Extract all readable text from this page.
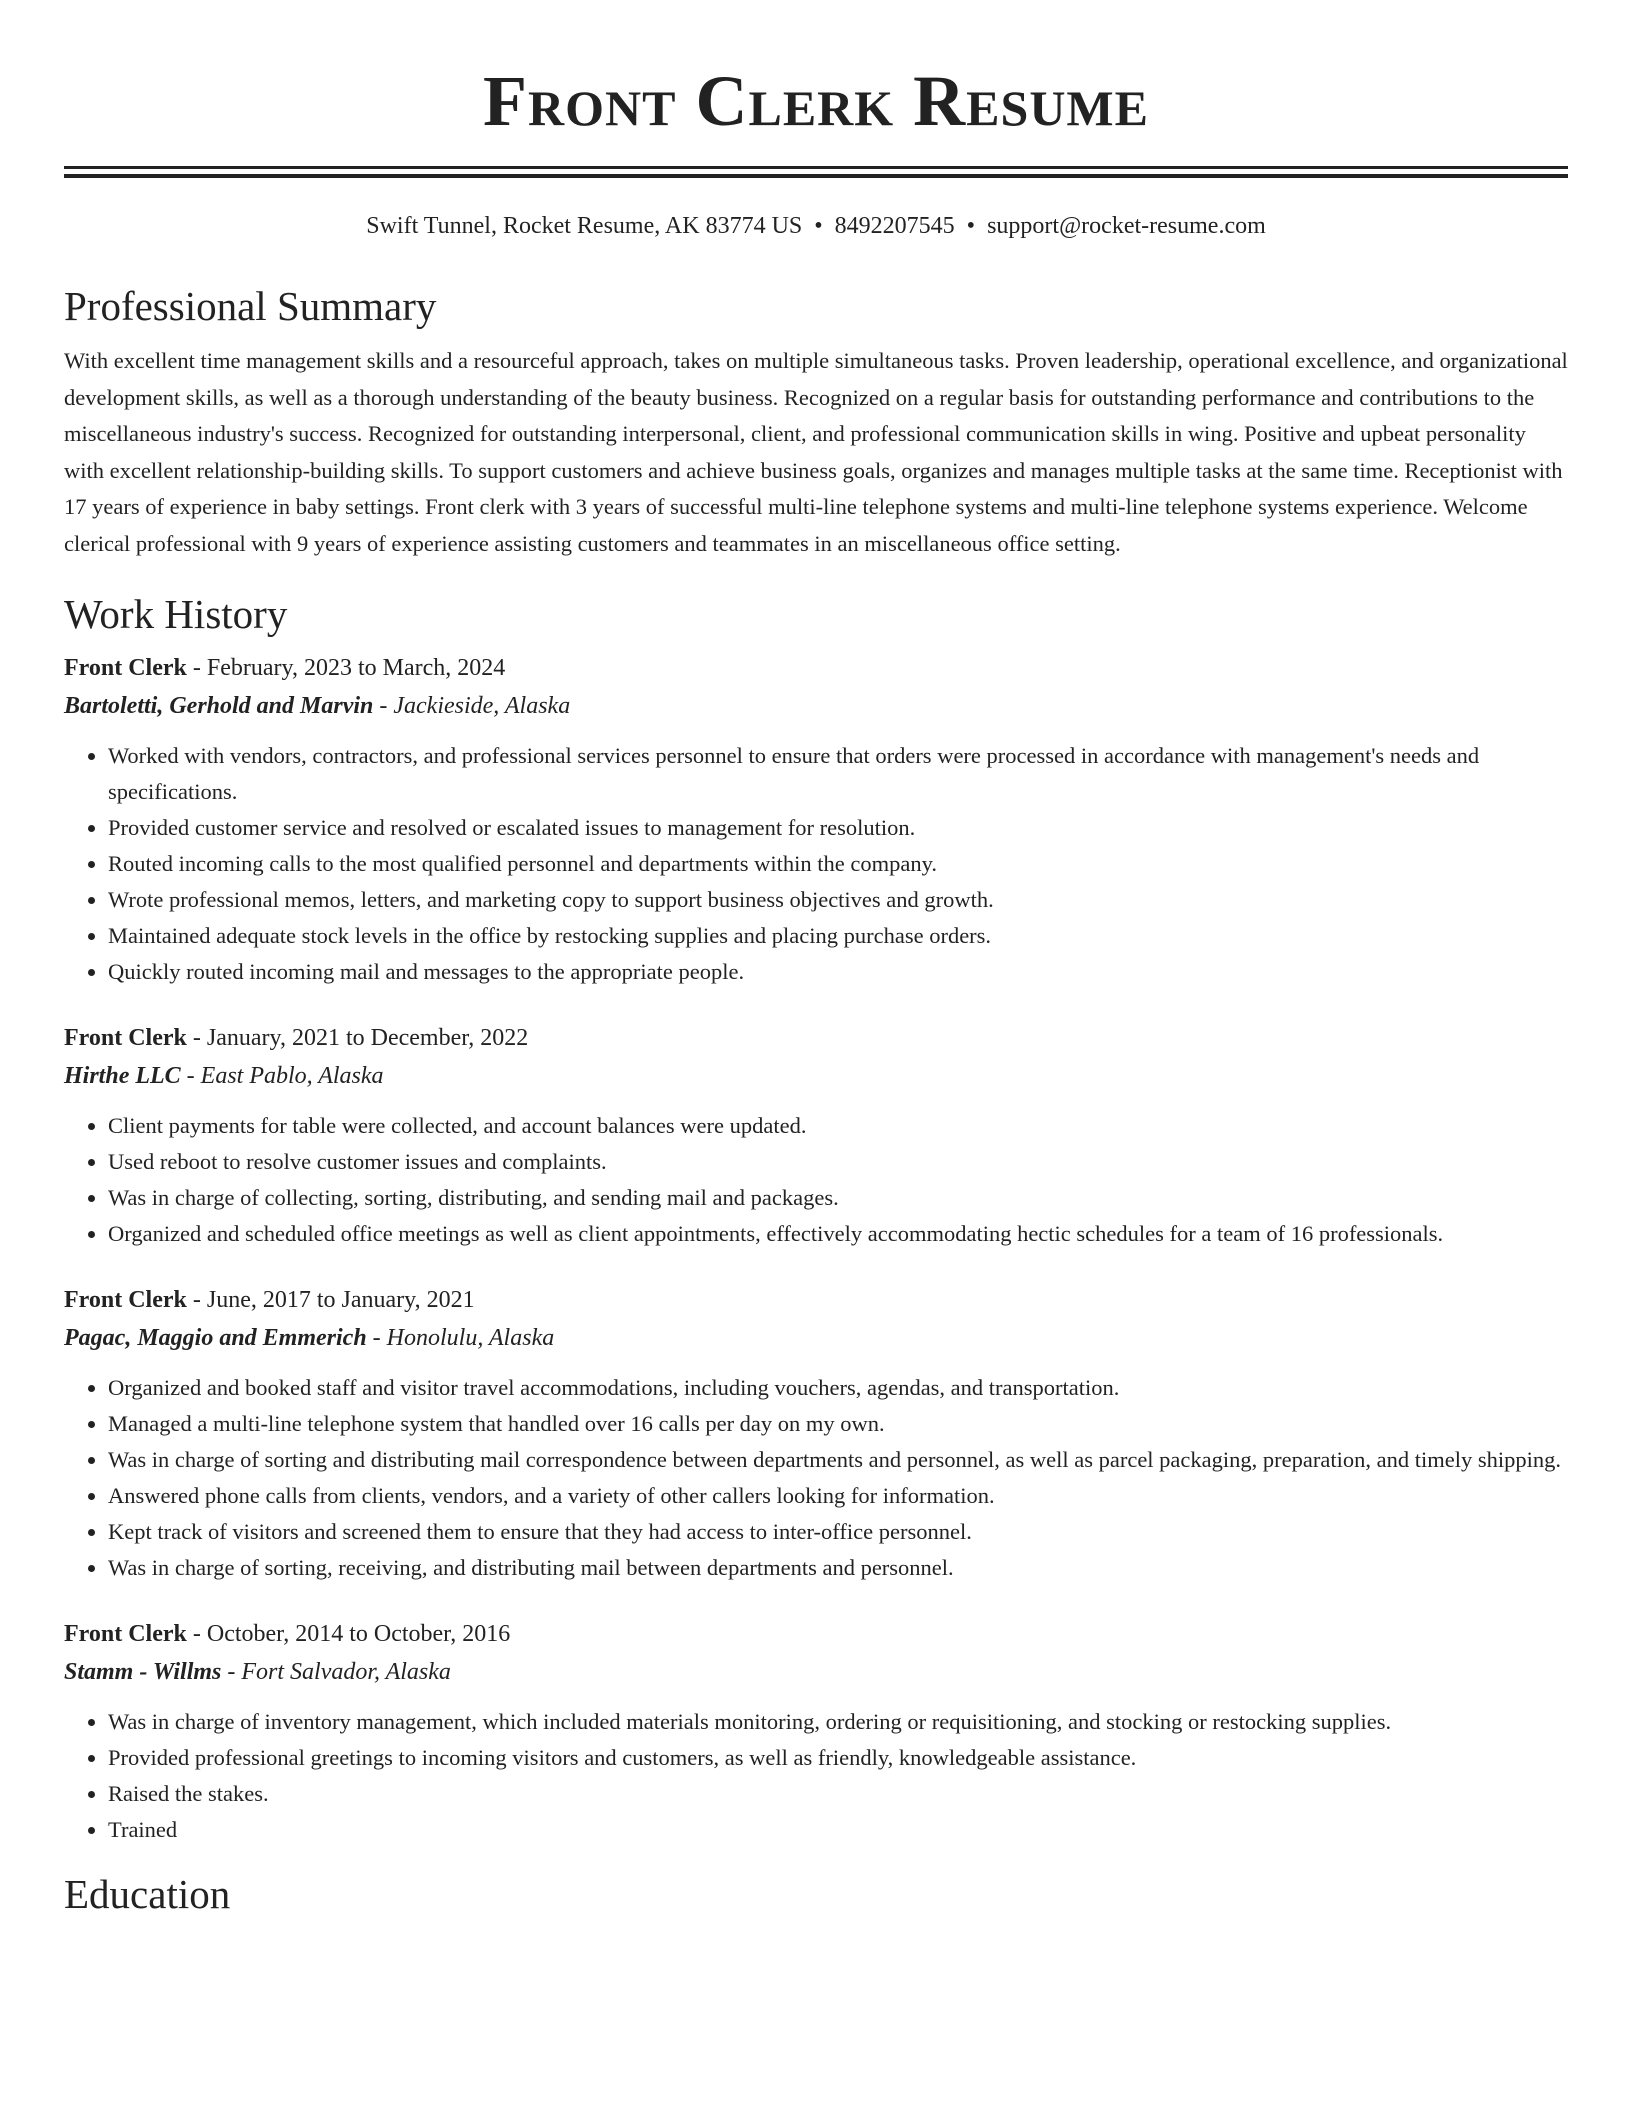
Front Clerk Resume
Swift Tunnel, Rocket Resume, AK 83774 US • 8492207545 • support@rocket-resume.com
Professional Summary

With excellent time management skills and a resourceful approach, takes on multiple simultaneous tasks. Proven leadership, operational excellence, and organizational development skills, as well as a thorough understanding of the beauty business. Recognized on a regular basis for outstanding performance and contributions to the miscellaneous industry's success. Recognized for outstanding interpersonal, client, and professional communication skills in wing. Positive and upbeat personality with excellent relationship-building skills. To support customers and achieve business goals, organizes and manages multiple tasks at the same time. Receptionist with 17 years of experience in baby settings. Front clerk with 3 years of successful multi-line telephone systems and multi-line telephone systems experience. Welcome clerical professional with 9 years of experience assisting customers and teammates in an miscellaneous office setting.

Work History
Front Clerk - February, 2023 to March, 2024
Bartoletti, Gerhold and Marvin - Jackieside, Alaska
• Worked with vendors, contractors, and professional services personnel to ensure that orders were processed in accordance with management's needs and specifications.
• Provided customer service and resolved or escalated issues to management for resolution.
• Routed incoming calls to the most qualified personnel and departments within the company.
• Wrote professional memos, letters, and marketing copy to support business objectives and growth.
• Maintained adequate stock levels in the office by restocking supplies and placing purchase orders.
• Quickly routed incoming mail and messages to the appropriate people.
Front Clerk - January, 2021 to December, 2022
Hirthe LLC - East Pablo, Alaska
• Client payments for table were collected, and account balances were updated.
• Used reboot to resolve customer issues and complaints.
• Was in charge of collecting, sorting, distributing, and sending mail and packages.
• Organized and scheduled office meetings as well as client appointments, effectively accommodating hectic schedules for a team of 16 professionals.
Front Clerk - June, 2017 to January, 2021
Pagac, Maggio and Emmerich - Honolulu, Alaska
• Organized and booked staff and visitor travel accommodations, including vouchers, agendas, and transportation.
• Managed a multi-line telephone system that handled over 16 calls per day on my own.
• Was in charge of sorting and distributing mail correspondence between departments and personnel, as well as parcel packaging, preparation, and timely shipping.
• Answered phone calls from clients, vendors, and a variety of other callers looking for information.
• Kept track of visitors and screened them to ensure that they had access to inter-office personnel.
• Was in charge of sorting, receiving, and distributing mail between departments and personnel.
Front Clerk - October, 2014 to October, 2016
Stamm - Willms - Fort Salvador, Alaska
• Was in charge of inventory management, which included materials monitoring, ordering or requisitioning, and stocking or restocking supplies.
• Provided professional greetings to incoming visitors and customers, as well as friendly, knowledgeable assistance.
• Raised the stakes.
• Trained
Education
